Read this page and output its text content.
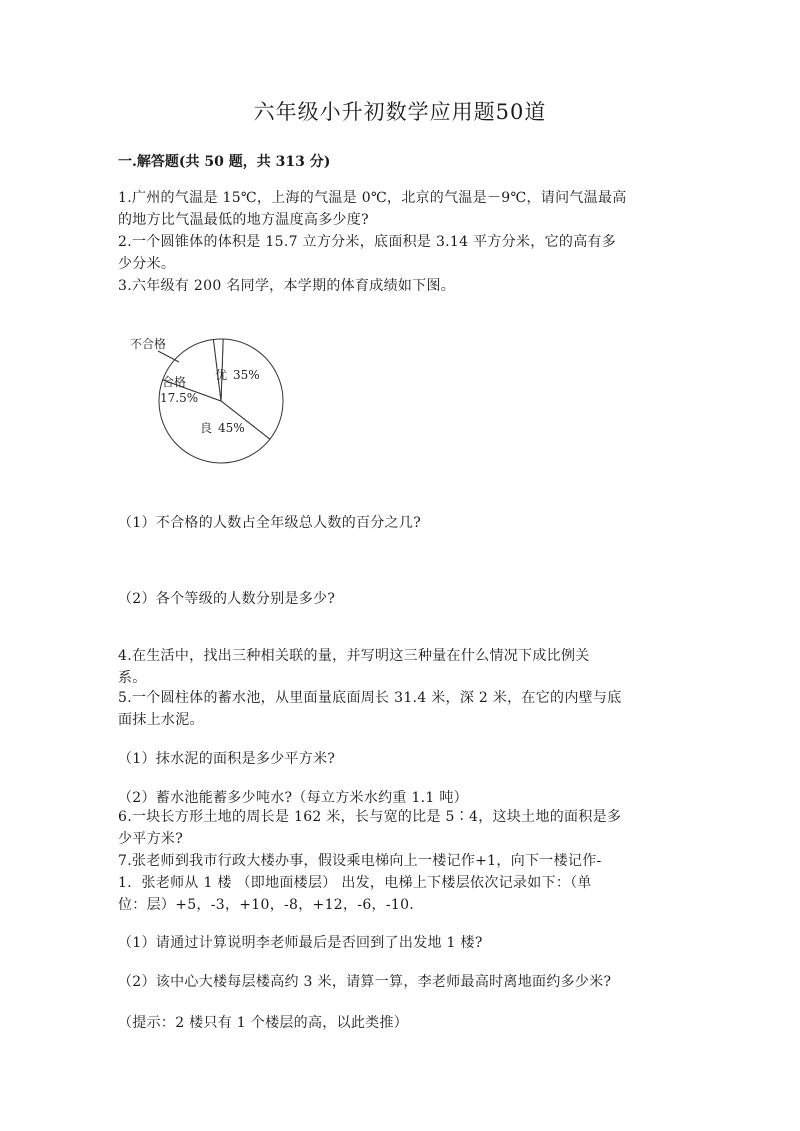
六年级小升初数学应用题50道
一.解答题(共 50 题，共 313 分)

1.广州的气温是 15℃，上海的气温是 0℃，北京的气温是－9℃，请问气温最高

的地方比气温最低的地方温度高多少度?

2.一个圆锥体的体积是 15.7 立方分米，底面积是 3.14 平方分米，它的高有多

少分米。

3.六年级有 200 名同学，本学期的体育成绩如下图。

不合格
优 35%
合格
17.5%
良 45%

（1）不合格的人数占全年级总人数的百分之几?

（2）各个等级的人数分别是多少?

4.在生活中，找出三种相关联的量，并写明这三种量在什么情况下成比例关

系。

5.一个圆柱体的蓄水池，从里面量底面周长 31.4 米，深 2 米，在它的内壁与底

面抹上水泥。

（1）抹水泥的面积是多少平方米?

（2）蓄水池能蓄多少吨水?（每立方米水约重 1.1 吨）

6.一块长方形土地的周长是 162 米，长与宽的比是 5∶4，这块土地的面积是多

少平方米?

7.张老师到我市行政大楼办事，假设乘电梯向上一楼记作+1，向下一楼记作-

1．张老师从 1 楼 （即地面楼层） 出发，电梯上下楼层依次记录如下：（单

位：层）+5，-3，+10，-8，+12，-6，-10.

（1）请通过计算说明李老师最后是否回到了出发地 1 楼?

（2）该中心大楼每层楼高约 3 米，请算一算，李老师最高时离地面约多少米?

（提示：2 楼只有 1 个楼层的高，以此类推）
